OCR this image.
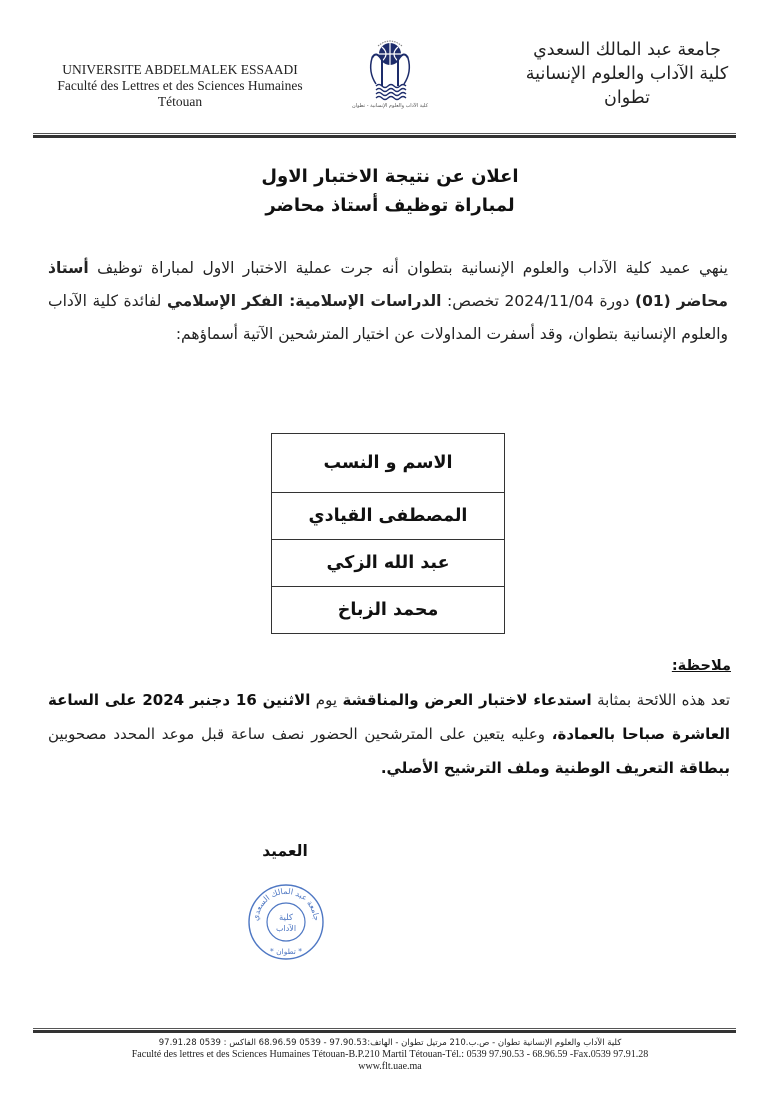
UNIVERSITE ABDELMALEK ESSAADI
Faculté des Lettres et des Sciences Humaines
Tétouan	كلية الآداب والعلوم الإنسانية - تطوان
جامعة عبد المالك السعدي
كلية الآداب والعلوم الإنسانية
تطوان
اعلان عن نتيجة الاختبار الاول
لمباراة توظيف أستاذ محاضر
ينهي عميد كلية الآداب والعلوم الإنسانية بتطوان أنه جرت عملية الاختبار الاول لمباراة توظيف أستاذ محاضر (01) دورة 2024/11/04 تخصص: الدراسات الإسلامية: الفكر الإسلامي لفائدة كلية الآداب والعلوم الإنسانية بتطوان، وقد أسفرت المداولات عن اختيار المترشحين الآتية أسماؤهم:
الاسم و النسب
المصطفى القيادي
عبد الله الزكي
محمد الزباخ
ملاحظة:
تعد هذه اللائحة بمثابة استدعاء لاختبار العرض والمناقشة يوم الاثنين 16 دجنبر 2024 على الساعة العاشرة صباحا بالعمادة، وعليه يتعين على المترشحين الحضور نصف ساعة قبل موعد المحدد مصحوبين ببطاقة التعريف الوطنية وملف الترشيح الأصلي.
العميد
جامعة عبد المالك السعدي
كلية
الآداب
* تطوان *
كلية الآداب والعلوم الإنسانية تطوان - ص.ب.210 مرتيل تطوان - الهاتف:97.90.53 - 0539 68.96.59 الفاكس : 0539 97.91.28
Faculté des lettres et des Sciences Humaines Tétouan-B.P.210 Martil Tétouan-Tél.: 0539 97.90.53 - 68.96.59 -Fax.0539 97.91.28
www.flt.uae.ma
